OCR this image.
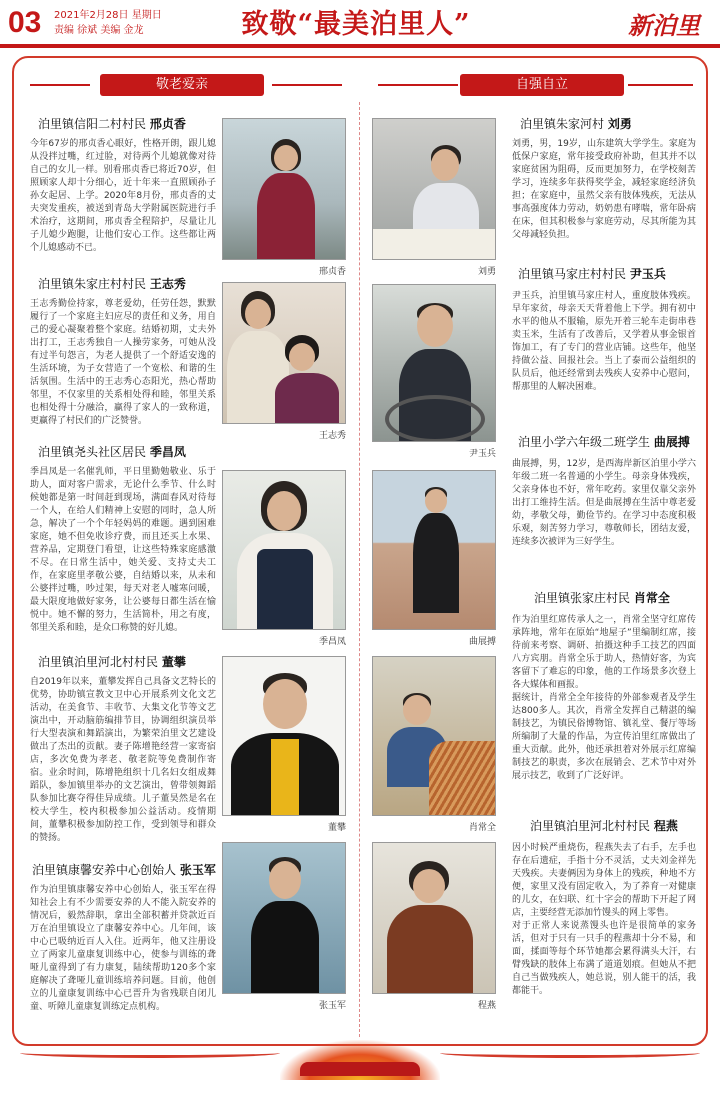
03 2021年2月28日 星期日
责编 徐斌 美编 金龙	致敬“最美泊里人”	新泊里
敬老爱亲	自强自立
泊里镇信阳二村村民 邢贞香
今年67岁的邢贞香心眼好，性格开朗，跟儿媳从没拌过嘴，红过脸，对待两个儿媳就像对待自己的女儿一样。别看邢贞香已将近70岁，但照顾家人却十分细心，近十年来一直照顾孙子孙女起居、上学。2020年8月份，邢贞香的丈夫突发重疾，被送到青岛大学附属医院进行手术治疗，这期间，邢贞香全程陪护，尽量让儿子儿媳少跑腿，让他们安心工作。这些都让两个儿媳感动不已。
邢贞香
泊里镇朱家庄村村民 王志秀
王志秀勤俭持家，尊老爱幼，任劳任怨，默默履行了一个家庭主妇应尽的责任和义务，用自己的爱心凝聚着整个家庭。结婚初期，丈夫外出打工，王志秀独自一人操劳家务，可她从没有过半句怨言，为老人提供了一个舒适安逸的生活环境，为子女营造了一个宽松、和谐的生活氛围。生活中的王志秀心态阳光，热心帮助邻里，不仅家里的关系相处得和睦，邻里关系也相处得十分融洽，赢得了家人的一致称道，更赢得了村民们的广泛赞誉。
王志秀
泊里镇尧头社区居民 季昌凤
季昌凤是一名催乳师，平日里勤勉敬业、乐于助人，面对客户需求，无论什么季节、什么时候她都是第一时间赶到现场，满面春风对待每一个人，在给人们精神上安慰的同时，急人所急，解决了一个个年轻妈妈的难题。遇到困难家庭，她不但免收诊疗费，而且还买上水果、营养品，定期登门看望，让这些特殊家庭感激不尽。在日常生活中，她关爱、支持丈夫工作，在家庭里孝敬公婆，自结婚以来，从未和公婆拌过嘴，吵过架，每天对老人嘘寒问暖，最大限度地做好家务，让公婆每日都生活在愉悦中。她不懈的努力，生活简朴，用之有度，邻里关系和睦，是众口称赞的好儿媳。
季昌凤
泊里镇泊里河北村村民 董攀
自2019年以来，董攀发挥自己具备文艺特长的优势，协助镇宣教文卫中心开展系列文化文艺活动，在美食节、丰收节、大集文化节等文艺演出中，开动脑筋编排节目，协调组织演员举行大型表演和舞蹈演出，为繁荣泊里文艺建设做出了杰出的贡献。妻子陈增艳经营一家寄宿店，多次免费为孝老、敬老院等免费制作寄宿。业余时间，陈增艳组织十几名妇女组成舞蹈队，参加镇里举办的文艺演出，曾带领舞蹈队参加比赛夺得佳异成绩。儿子董昊然是名在校大学生，校内积极参加公益活动。疫情期间，董攀积极参加防控工作，受到领导和群众的赞扬。
董攀
泊里镇康馨安养中心创始人 张玉军
作为泊里镇康馨安养中心创始人，张玉军在得知社会上有不少需要安养的人不能入院安养的情况后，毅然辞职，拿出全部积蓄并贷款近百万在泊里镇设立了康馨安养中心。几年间，该中心已吸纳近百人入住。近两年，他又注册设立了两家儿童康复训练中心，使参与训练的聋哑儿童得到了有力康复，陆续帮助120多个家庭解决了聋哑儿童训练培养问题。目前，他创立的儿童康复训练中心已晋升为省残联自闭儿童、听障儿童康复训练定点机构。	张玉军
泊里镇朱家河村 刘勇
刘勇，男，19岁，山东建筑大学学生。家庭为低保户家庭，常年接受政府补助，但其并不以家庭贫困为阻碍，反而更加努力，在学校刻苦学习，连续多年获得奖学金，减轻家庭经济负担；在家庭中，虽然父亲有肢体残疾，无法从事高强度体力劳动，奶奶患有哮喘，常年卧病在床，但其积极参与家庭劳动，尽其所能为其父母减轻负担。
刘勇 泊里镇马家庄村村民 尹玉兵
尹玉兵，泊里镇马家庄村人，重度肢体残疾。早年家贫，母亲天天背着他上下学。拥有初中水平的他从不服输，原先开着三轮车走街串巷卖玉米，生活有了改善后，又学着从事金银首饰加工，有了专门的营业店铺。这些年，他坚持做公益、回报社会。当上了泰而公益组织的队员后，他还经常到去残疾人安养中心慰问，帮那里的人解决困难。
尹玉兵
泊里小学六年级二班学生 曲展搏
曲展搏，男，12岁，是西海岸新区泊里小学六年级二班一名普通的小学生。母亲身体残疾，父亲身体也不好，常年吃药。家里仅靠父亲外出打工维持生活。但是曲展搏在生活中尊老爱幼，孝敬父母，勤俭节约。在学习中态度积极乐观，刻苦努力学习，尊敬师长，团结友爱，连续多次被评为三好学生。
曲展搏
泊里镇张家庄村民 肖常全
作为泊里红席传承人之一，肖常全坚守红席传承阵地，常年在原始“地屋子”里编制红席，接待前来考察、调研、拍摄这种手工技艺的四面八方宾朋。肖常全乐于助人，热情好客，为宾客留下了难忘的印象，他的工作场景多次登上各大媒体和画报。
据统计，肖常全全年接待的外部参观者及学生达800多人。其次，肖常全发挥自己精湛的编制技艺，为镇民俗博物馆、镇礼堂、餐厅等场所编制了大量的作品，为宣传泊里红席做出了重大贡献。此外，他还承担着对外展示红席编制技艺的职责，多次在展销会、艺术节中对外展示技艺，收到了广泛好评。
肖常全	泊里镇泊里河北村村民 程燕
因小时候严重烧伤，程燕失去了右手，左手也存在后遗症，手指十分不灵活，丈夫刘金祥先天残疾。夫妻俩因为身体上的残疾，种地不方便，家里又没有固定收入，为了养育一对健康的儿女，在妇联、红十字会的帮助下开起了网店，主要经营无添加竹馒头的网上零售。
对于正常人来说蒸馒头也许是很简单的家务活，但对于只有一只手的程燕却十分不易，和面，揉面等每个环节她都会累得满头大汗，右臂残缺的肢体上布满了道道划痕。但她从不把自己当做残疾人，她总说，别人能干的活，我都能干。
程燕
